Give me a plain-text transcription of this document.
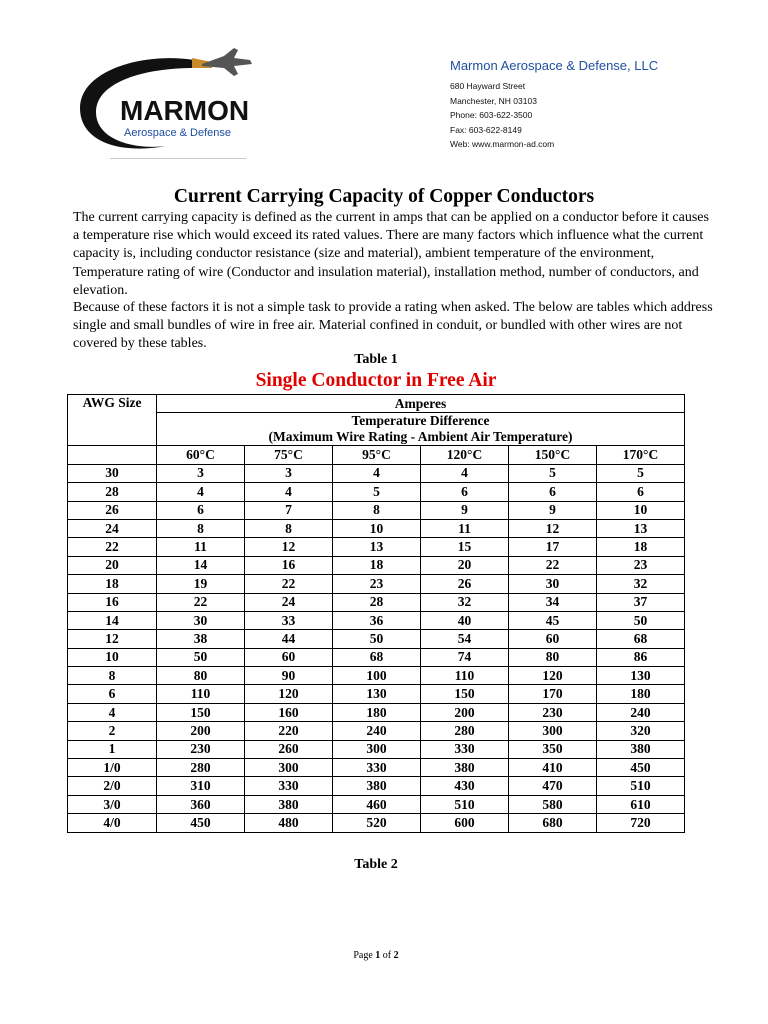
MARMON
Aerospace & Defense
Marmon Aerospace & Defense, LLC
680 Hayward Street
Manchester, NH 03103
Phone: 603-622-3500
Fax: 603-622-8149
Web: www.marmon-ad.com
Current Carrying Capacity of Copper Conductors

The current carrying capacity is defined as the current in amps that can be applied on a conductor before it causes a temperature rise which would exceed its rated values. There are many factors which influence what the current capacity is, including conductor resistance (size and material), ambient temperature of the environment, Temperature rating of wire (Conductor and insulation material), installation method, number of conductors, and elevation.

Because of these factors it is not a simple task to provide a rating when asked. The below are tables which address single and small bundles of wire in free air. Material confined in conduit, or bundled with other wires are not covered by these tables.

Table 1
Single Conductor in Free Air
AWG Size	Amperes					

	Temperature Difference
(Maximum Wire Rating - Ambient Air Temperature)					

	60°C	75°C	95°C	120°C	150°C	170°C
30	3	3	4	4	5	5
28	4	4	5	6	6	6
26	6	7	8	9	9	10
24	8	8	10	11	12	13
22	11	12	13	15	17	18
20	14	16	18	20	22	23
18	19	22	23	26	30	32
16	22	24	28	32	34	37
14	30	33	36	40	45	50
12	38	44	50	54	60	68
10	50	60	68	74	80	86
8	80	90	100	110	120	130
6	110	120	130	150	170	180
4	150	160	180	200	230	240
2	200	220	240	280	300	320
1	230	260	300	330	350	380
1/0	280	300	330	380	410	450
2/0	310	330	380	430	470	510
3/0	360	380	460	510	580	610
4/0	450	480	520	600	680	720
Table 2
Page 1 of 2
